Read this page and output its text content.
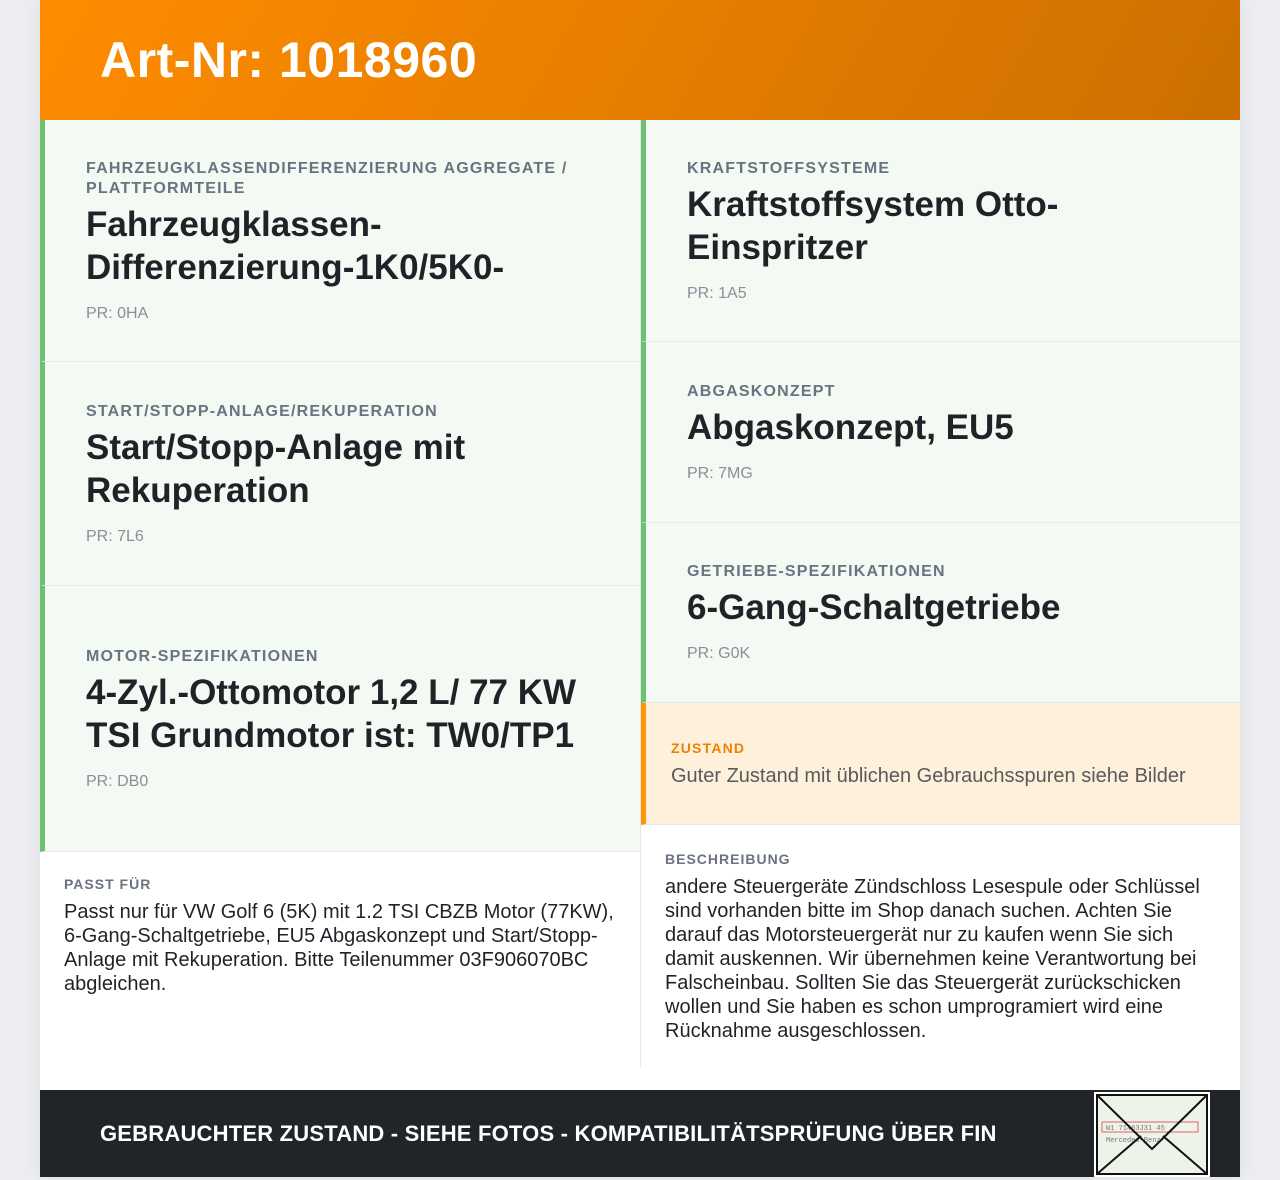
Art-Nr: 1018960
FAHRZEUGKLASSENDIFFERENZIERUNG AGGREGATE / PLATTFORMTEILE
Fahrzeugklassen-Differenzierung-1K0/5K0-
PR: 0HA
START/STOPP-ANLAGE/REKUPERATION
Start/Stopp-Anlage mit Rekuperation
PR: 7L6
MOTOR-SPEZIFIKATIONEN
4-Zyl.-Ottomotor 1,2 L/ 77 KW TSI Grundmotor ist: TW0/TP1
PR: DB0
PASST FÜR
Passt nur für VW Golf 6 (5K) mit 1.2 TSI CBZB Motor (77KW), 6-Gang-Schaltgetriebe, EU5 Abgaskonzept und Start/Stopp-Anlage mit Rekuperation. Bitte Teilenummer 03F906070BC abgleichen.
KRAFTSTOFFSYSTEME
Kraftstoffsystem Otto-Einspritzer
PR: 1A5
ABGASKONZEPT
Abgaskonzept, EU5
PR: 7MG
GETRIEBE-SPEZIFIKATIONEN
6-Gang-Schaltgetriebe
PR: G0K
ZUSTAND
Guter Zustand mit üblichen Gebrauchsspuren siehe Bilder
BESCHREIBUNG
andere Steuergeräte Zündschloss Lesespule oder Schlüssel sind vorhanden bitte im Shop danach suchen. Achten Sie darauf das Motorsteuergerät nur zu kaufen wenn Sie sich damit auskennen. Wir übernehmen keine Verantwortung bei Falscheinbau. Sollten Sie das Steuergerät zurückschicken wollen und Sie haben es schon umprogramiert wird eine Rücknahme ausgeschlossen.
GEBRAUCHTER ZUSTAND - SIEHE FOTOS - KOMPATIBILITÄTSPRÜFUNG ÜBER FIN	W1 71463J31 45
Mercedes-Benz
